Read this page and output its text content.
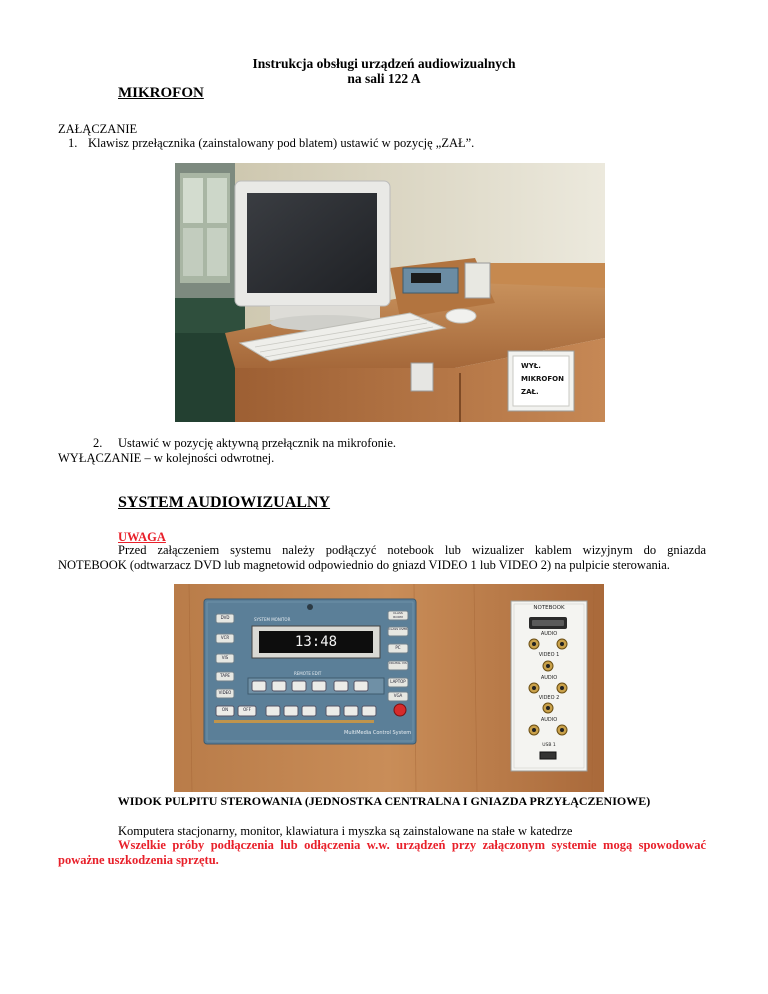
Instrukcja obsługi urządzeń audiowizualnych
na sali 122 A
MIKROFON
ZAŁĄCZANIE
1. Klawisz przełącznika (zainstalowany pod blatem) ustawić w pozycję „ZAŁ”.
WYŁ.
MIKROFON
ZAŁ.
2. Ustawić w pozycję aktywną przełącznik na mikrofonie.
WYŁĄCZANIE – w kolejności odwrotnej.
SYSTEM AUDIOWIZUALNY
UWAGA
Przed załączeniem systemu należy podłączyć notebook lub wizualizer kablem wizyjnym do gniazda
NOTEBOOK (odtwarzacz DVD lub magnetowid odpowiednio do gniazd VIDEO 1 lub VIDEO 2) na pulpicie sterowania.
13:48
SYSTEM MONITOR
REMOTE EDIT
MultiMedia Control System
DVD
VCR
VIS
TAPE
CLASS ROOM
CLASS OVER
PC
DIGITAL VIS
LAPTOP
VGA
VIDEO
ON	OFF
NOTEBOOK
AUDIO
VIDEO 1
AUDIO
VIDEO 2
AUDIO
USB 1
WIDOK PULPITU STEROWANIA (JEDNOSTKA CENTRALNA I GNIAZDA PRZYŁĄCZENIOWE)
Komputera stacjonarny, monitor, klawiatura i myszka są zainstalowane na stałe w katedrze
Wszelkie próby podłączenia lub odłączenia w.w. urządzeń przy załączonym systemie mogą spowodować
poważne uszkodzenia sprzętu.
